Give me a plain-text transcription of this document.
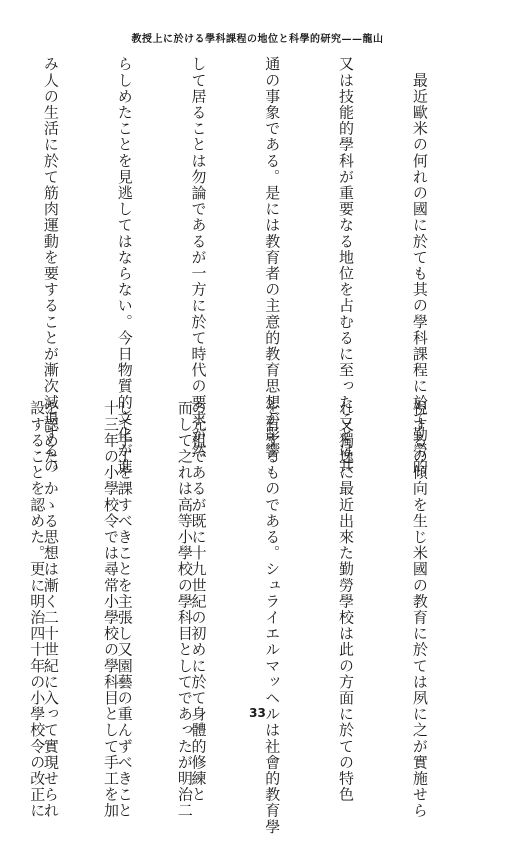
教授上に於ける學科課程の地位と科學的研究——龍山

　最近歐米の何れの國に於ても其の學科課程に於て勤勞的

又は技能的學科が重要なる地位を占むるに至ったことは共

通の事象である。是には教育者の主意的教育思想が影響

して居ることは勿論であるが一方に於て時代の要求が然

らしめたことを見逃してはならない。今日物質的文化が進

み人の生活に於て筋肉運動を要することが漸次減退するの

視するの傾向を生じ米國の教育に於ては夙に之が實施せら

れ又獨逸に最近出來た勤勞學校は此の方面に於ての特色

を有するものである。シュライエルマッヘルは社會的教育學

の元祖であるが既に十九世紀の初めに於て身體的修練と

して手工を課すべきことを主張し又園藝の重んずべきこと

を認めた。かゝる思想は漸く二十世紀に入って實現せられ

	而して之れは高等小學校の學科目としてであったが明治二

十三年の小學校令では尋常小學校の學科目として手工を加

設することを認めた。更に明治四十年の小學校令の改正に

	33
